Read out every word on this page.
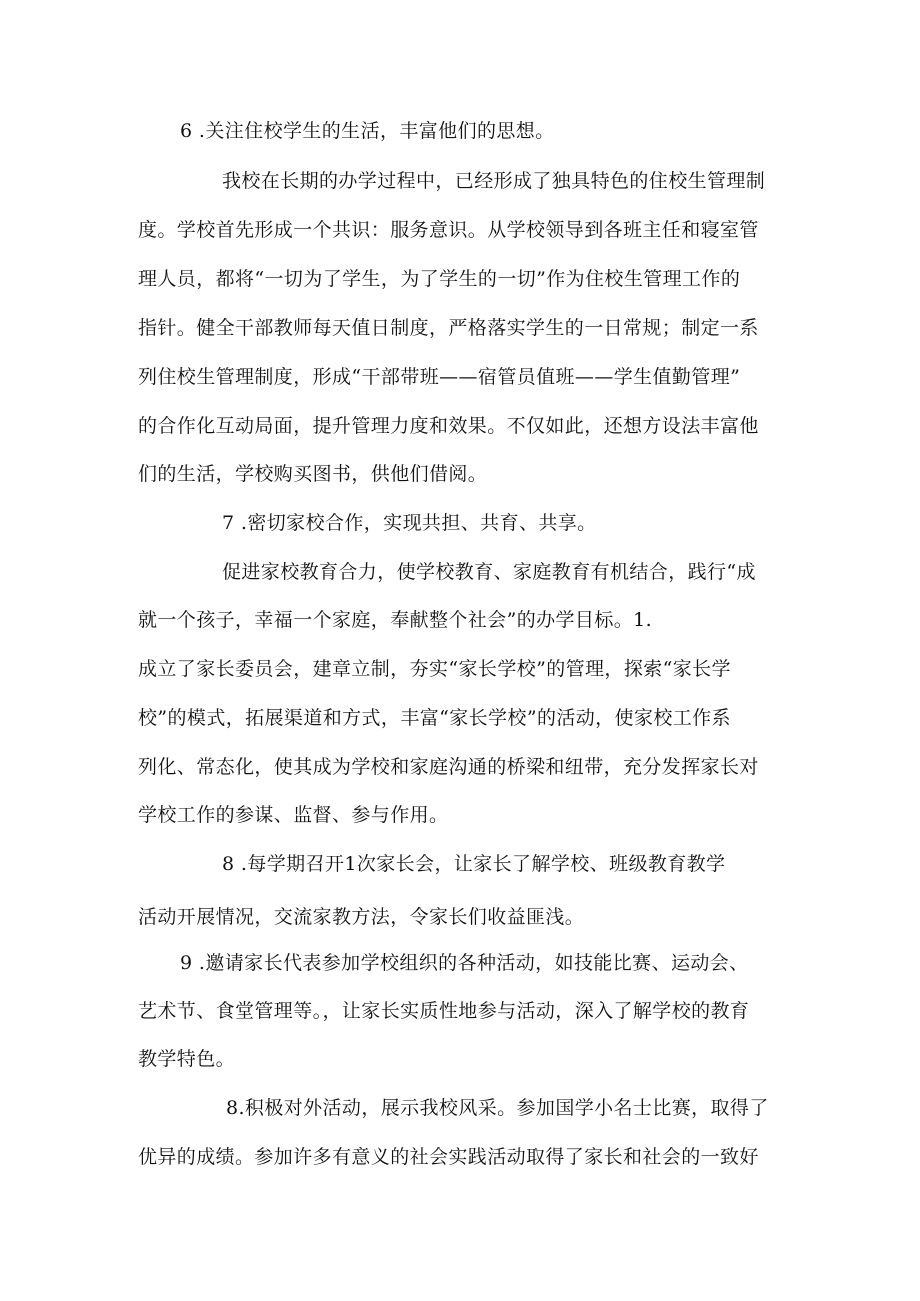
6 .关注住校学生的生活，丰富他们的思想。
我校在长期的办学过程中，已经形成了独具特色的住校生管理制
度。学校首先形成一个共识：服务意识。从学校领导到各班主任和寝室管
理人员，都将“一切为了学生，为了学生的一切”作为住校生管理工作的
指针。健全干部教师每天值日制度，严格落实学生的一日常规；制定一系
列住校生管理制度，形成“干部带班——宿管员值班——学生值勤管理”
的合作化互动局面，提升管理力度和效果。不仅如此，还想方设法丰富他
们的生活，学校购买图书，供他们借阅。
7 .密切家校合作，实现共担、共育、共享。
促进家校教育合力，使学校教育、家庭教育有机结合，践行“成
就一个孩子，幸福一个家庭，奉献整个社会”的办学目标。1.
成立了家长委员会，建章立制，夯实“家长学校”的管理，探索“家长学
校”的模式，拓展渠道和方式，丰富“家长学校”的活动，使家校工作系
列化、常态化，使其成为学校和家庭沟通的桥梁和纽带，充分发挥家长对
学校工作的参谋、监督、参与作用。
8 .每学期召开1次家长会，让家长了解学校、班级教育教学
活动开展情况，交流家教方法，令家长们收益匪浅。
9 .邀请家长代表参加学校组织的各种活动，如技能比赛、运动会、
艺术节、食堂管理等。，让家长实质性地参与活动，深入了解学校的教育
教学特色。
8.积极对外活动，展示我校风采。参加国学小名士比赛，取得了
优异的成绩。参加许多有意义的社会实践活动取得了家长和社会的一致好
